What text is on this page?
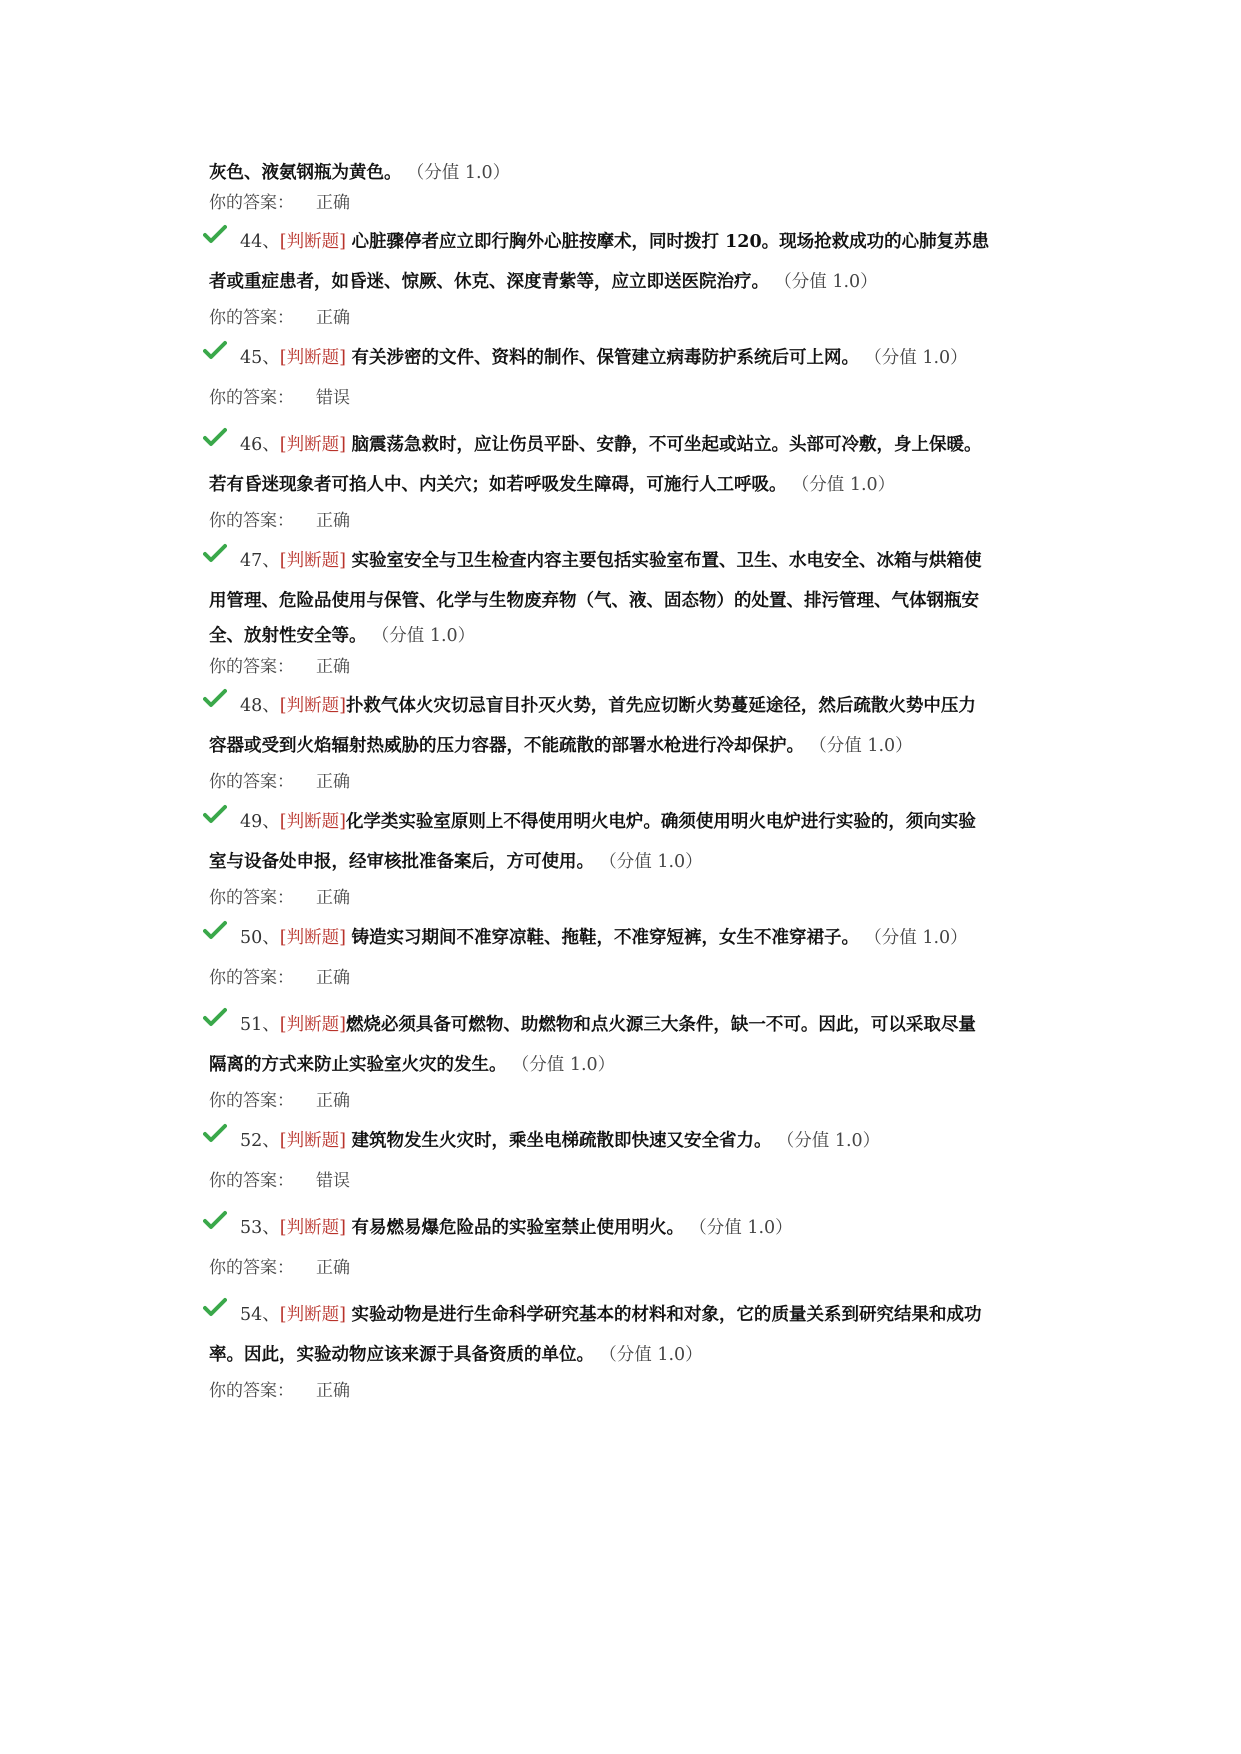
灰色、液氨钢瓶为黄色。 （分值 1.0）
你的答案： 正确
44、[判断题] 心脏骤停者应立即行胸外心脏按摩术，同时拨打 120。现场抢救成功的心肺复苏患
者或重症患者，如昏迷、惊厥、休克、深度青紫等，应立即送医院治疗。 （分值 1.0）
你的答案： 正确
45、[判断题] 有关涉密的文件、资料的制作、保管建立病毒防护系统后可上网。 （分值 1.0）
你的答案： 错误
46、[判断题] 脑震荡急救时，应让伤员平卧、安静，不可坐起或站立。头部可冷敷，身上保暖。
若有昏迷现象者可掐人中、内关穴；如若呼吸发生障碍，可施行人工呼吸。 （分值 1.0）
你的答案： 正确
47、[判断题] 实验室安全与卫生检查内容主要包括实验室布置、卫生、水电安全、冰箱与烘箱使
用管理、危险品使用与保管、化学与生物废弃物（气、液、固态物）的处置、排污管理、气体钢瓶安
全、放射性安全等。 （分值 1.0）
你的答案： 正确
48、[判断题]扑救气体火灾切忌盲目扑灭火势，首先应切断火势蔓延途径，然后疏散火势中压力
容器或受到火焰辐射热威胁的压力容器，不能疏散的部署水枪进行冷却保护。 （分值 1.0）
你的答案： 正确
49、[判断题]化学类实验室原则上不得使用明火电炉。确须使用明火电炉进行实验的，须向实验
室与设备处申报，经审核批准备案后，方可使用。 （分值 1.0）
你的答案： 正确
50、[判断题] 铸造实习期间不准穿凉鞋、拖鞋，不准穿短裤，女生不准穿裙子。 （分值 1.0）
你的答案： 正确
51、[判断题]燃烧必须具备可燃物、助燃物和点火源三大条件，缺一不可。因此，可以采取尽量
隔离的方式来防止实验室火灾的发生。 （分值 1.0）
你的答案： 正确
52、[判断题] 建筑物发生火灾时，乘坐电梯疏散即快速又安全省力。 （分值 1.0）
你的答案： 错误
53、[判断题] 有易燃易爆危险品的实验室禁止使用明火。 （分值 1.0）
你的答案： 正确
54、[判断题] 实验动物是进行生命科学研究基本的材料和对象，它的质量关系到研究结果和成功
率。因此，实验动物应该来源于具备资质的单位。 （分值 1.0）
你的答案： 正确
